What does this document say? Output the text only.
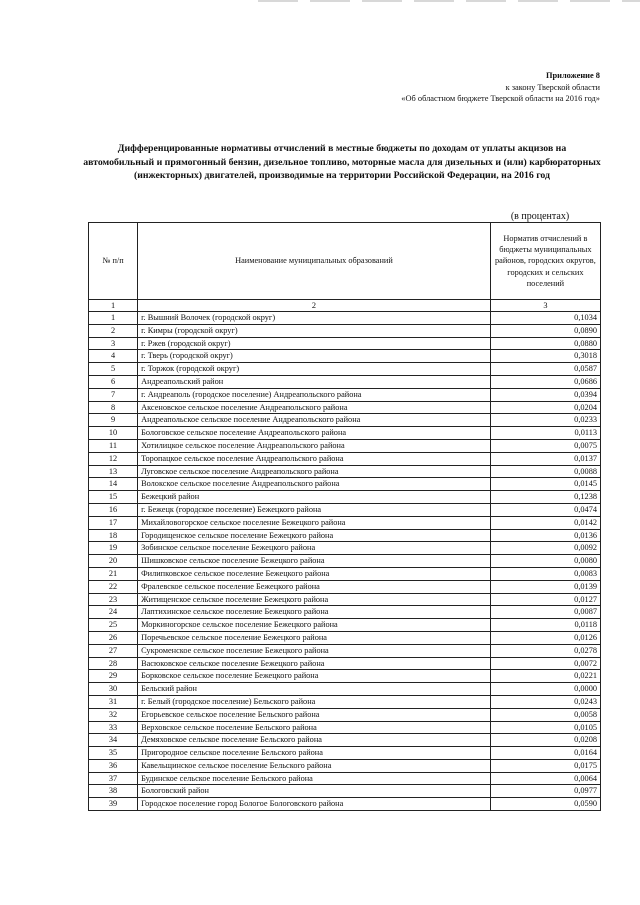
Приложение 8
к закону Тверской области
«Об областном бюджете Тверской области на 2016 год»
Дифференцированные нормативы отчислений в местные бюджеты по доходам от уплаты акцизов на автомобильный и прямогонный бензин, дизельное топливо, моторные масла для дизельных и (или) карбюраторных (инжекторных) двигателей, производимые на территории Российской Федерации, на 2016 год
(в процентах)
№ п/п	Наименование муниципальных образований	Норматив отчислений в бюджеты муниципальных районов, городских округов, городских и сельских поселений
1	2	3
1	г. Вышний Волочек (городской округ)	0,1034
2	г. Кимры (городской округ)	0,0890
3	г. Ржев (городской округ)	0,0880
4	г. Тверь (городской округ)	0,3018
5	г. Торжок (городской округ)	0,0587
6	Андреапольский район	0,0686
7	г. Андреаполь (городское поселение) Андреапольского района	0,0394
8	Аксеновское сельское поселение Андреапольского района	0,0204
9	Андреапольское сельское поселение Андреапольского района	0,0233
10	Бологовское сельское поселение Андреапольского района	0,0113
11	Хотилицкое сельское поселение Андреапольского района	0,0075
12	Торопацкое сельское поселение Андреапольского района	0,0137
13	Луговское сельское поселение Андреапольского района	0,0088
14	Волокское сельское поселение Андреапольского района	0,0145
15	Бежецкий район	0,1238
16	г. Бежецк (городское поселение) Бежецкого района	0,0474
17	Михайловогорское сельское поселение Бежецкого района	0,0142
18	Городищенское сельское поселение Бежецкого района	0,0136
19	Зобинское сельское поселение Бежецкого района	0,0092
20	Шишковское сельское поселение Бежецкого района	0,0080
21	Филипковское сельское поселение Бежецкого района	0,0083
22	Фралевское сельское поселение Бежецкого района	0,0139
23	Житищенское сельское поселение Бежецкого района	0,0127
24	Лаптихинское сельское поселение Бежецкого района	0,0087
25	Моркиногорское сельское поселение Бежецкого района	0,0118
26	Поречьевское сельское поселение Бежецкого района	0,0126
27	Сукроменское сельское поселение Бежецкого района	0,0278
28	Васюковское сельское поселение Бежецкого района	0,0072
29	Борковское сельское поселение Бежецкого района	0,0221
30	Бельский район	0,0000
31	г. Белый (городское поселение) Бельского района	0,0243
32	Егорьевское сельское поселение Бельского района	0,0058
33	Верховское сельское поселение Бельского района	0,0105
34	Демяховское сельское поселение Бельского района	0,0208
35	Пригородное сельское поселение Бельского района	0,0164
36	Кавельщинское сельское поселение Бельского района	0,0175
37	Будинское сельское поселение Бельского района	0,0064
38	Бологовский район	0,0977
39	Городское поселение город Бологое Бологовского района	0,0590
